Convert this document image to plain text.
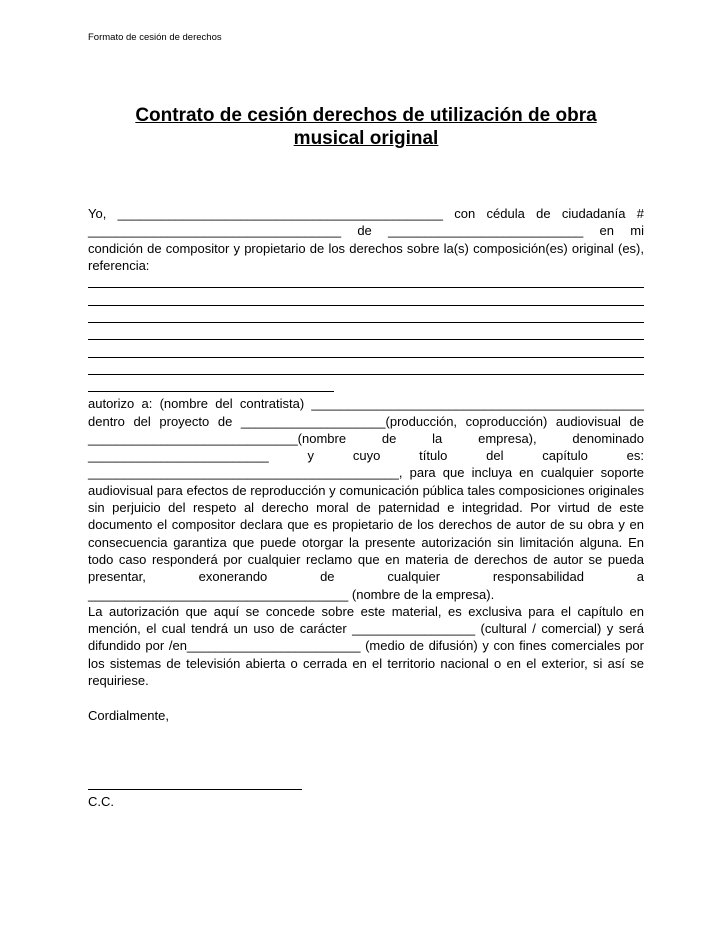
Formato de cesión de derechos
Contrato de cesión derechos de utilización de obra
musical original

Yo, _____________________________________________ con cédula de ciudadanía # ___________________________________ de ___________________________ en mi condición de compositor y propietario de los derechos sobre la(s) composición(es) original (es), referencia:

autorizo a: (nombre del contratista) ______________________________________________ dentro del proyecto de ____________________(producción, coproducción) audiovisual de _____________________________(nombre de la empresa), denominado _________________________ y cuyo título del capítulo es: ___________________________________________, para que incluya en cualquier soporte audiovisual para efectos de reproducción y comunicación pública tales composiciones originales sin perjuicio del respeto al derecho moral de paternidad e integridad. Por virtud de este documento el compositor declara que es propietario de los derechos de autor de su obra y en consecuencia garantiza que puede otorgar la presente autorización sin limitación alguna. En todo caso responderá por cualquier reclamo que en materia de derechos de autor se pueda presentar, exonerando de cualquier responsabilidad a ____________________________________ (nombre de la empresa).

La autorización que aquí se concede sobre este material, es exclusiva para el capítulo en mención, el cual tendrá un uso de carácter _________________ (cultural / comercial) y será difundido por /en________________________ (medio de difusión) y con fines comerciales por los sistemas de televisión abierta o cerrada en el territorio nacional o en el exterior, si así se requiriese.

Cordialmente,

C.C.
